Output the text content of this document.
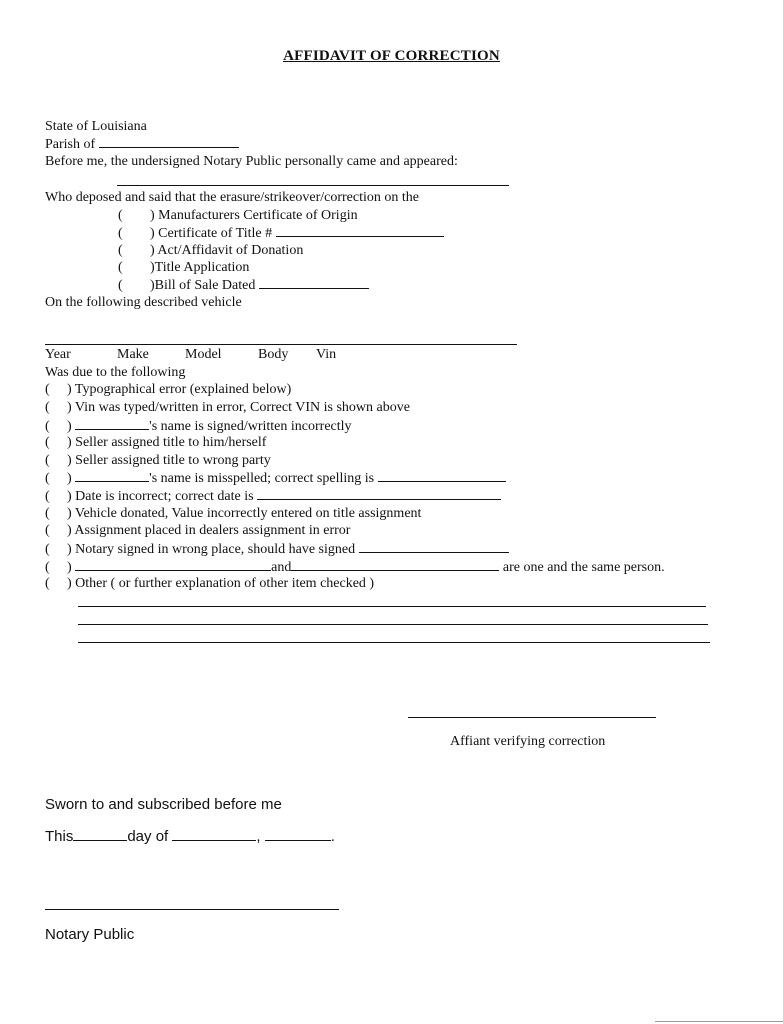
AFFIDAVIT OF CORRECTION
State of Louisiana
Parish of
Before me, the undersigned Notary Public personally came and appeared:
Who deposed and said that the erasure/strikeover/correction on the
( ) Manufacturers Certificate of Origin
( ) Certificate of Title #
( ) Act/Affidavit of Donation
( )Title Application
( )Bill of Sale Dated
On the following described vehicle
Year	Make	Model	Body Vin
Was due to the following
( ) Typographical error (explained below)
( ) Vin was typed/written in error, Correct VIN is shown above
( )	's name is signed/written incorrectly
( ) Seller assigned title to him/herself
( ) Seller assigned title to wrong party
( )	's name is misspelled; correct spelling is
( ) Date is incorrect; correct date is
( ) Vehicle donated, Value incorrectly entered on title assignment
( ) Assignment placed in dealers assignment in error
( ) Notary signed in wrong place, should have signed
( )	and	are one and the same person.
( ) Other ( or further explanation of other item checked )
Affiant verifying correction
Sworn to and subscribed before me
This	day of	,	.
Notary Public
